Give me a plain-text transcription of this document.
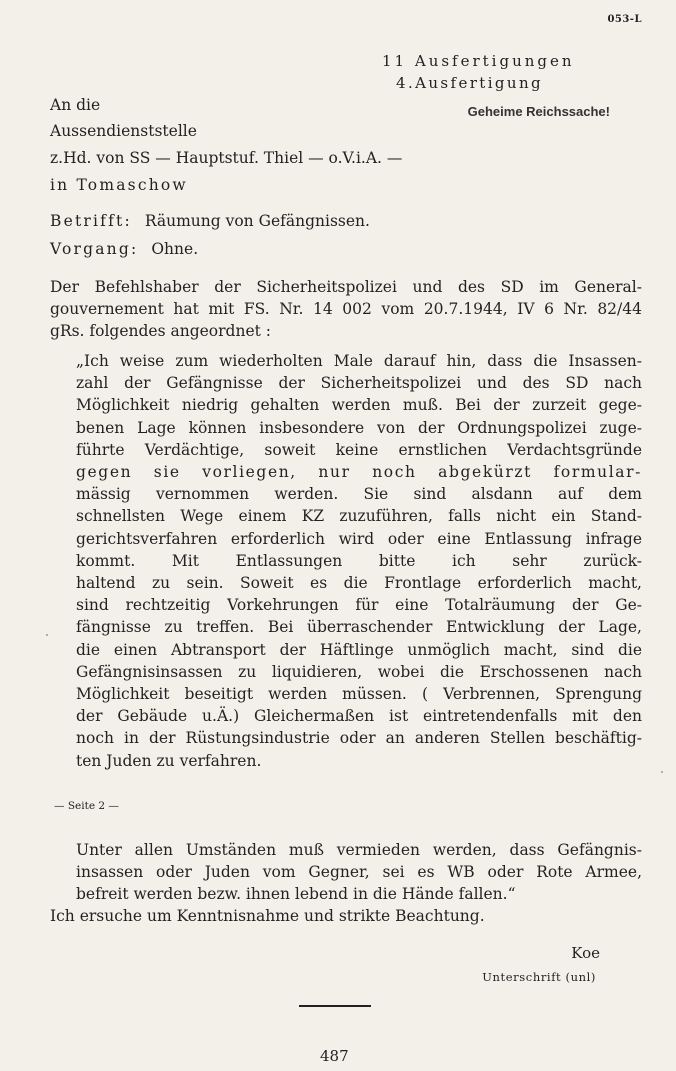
053-L
11 Ausfertigungen
4.Ausfertigung
Geheime Reichssache!
An die
Aussendienststelle
z.Hd. von SS — Hauptstuf. Thiel — o.V.i.A. —
in Tomaschow
Betrifft: Räumung von Gefängnissen.
Vorgang: Ohne.
Der Befehlshaber der Sicherheitspolizei und des SD im General-
gouvernement hat mit FS. Nr. 14 002 vom 20.7.1944, IV 6 Nr. 82/44
gRs. folgendes angeordnet :
„Ich weise zum wiederholten Male darauf hin, dass die Insassen-
zahl der Gefängnisse der Sicherheitspolizei und des SD nach
Möglichkeit niedrig gehalten werden muß. Bei der zurzeit gege-
benen Lage können insbesondere von der Ordnungspolizei zuge-
führte Verdächtige, soweit keine ernstlichen Verdachtsgründe
gegen sie vorliegen, nur noch abgekürzt formular-
mässig vernommen werden. Sie sind alsdann auf dem
schnellsten Wege einem KZ zuzuführen, falls nicht ein Stand-
gerichtsverfahren erforderlich wird oder eine Entlassung infrage
kommt. Mit Entlassungen bitte ich sehr zurück-
haltend zu sein. Soweit es die Frontlage erforderlich macht,
sind rechtzeitig Vorkehrungen für eine Totalräumung der Ge-
fängnisse zu treffen. Bei überraschender Entwicklung der Lage,
die einen Abtransport der Häftlinge unmöglich macht, sind die
Gefängnisinsassen zu liquidieren, wobei die Erschossenen nach
Möglichkeit beseitigt werden müssen. ( Verbrennen, Sprengung
der Gebäude u.Ä.) Gleichermaßen ist eintretendenfalls mit den
noch in der Rüstungsindustrie oder an anderen Stellen beschäftig-
ten Juden zu verfahren.
— Seite 2 —
Unter allen Umständen muß vermieden werden, dass Gefängnis-
insassen oder Juden vom Gegner, sei es WB oder Rote Armee,
befreit werden bezw. ihnen lebend in die Hände fallen.“
Ich ersuche um Kenntnisnahme und strikte Beachtung.
Koe
Unterschrift (unl)
487
